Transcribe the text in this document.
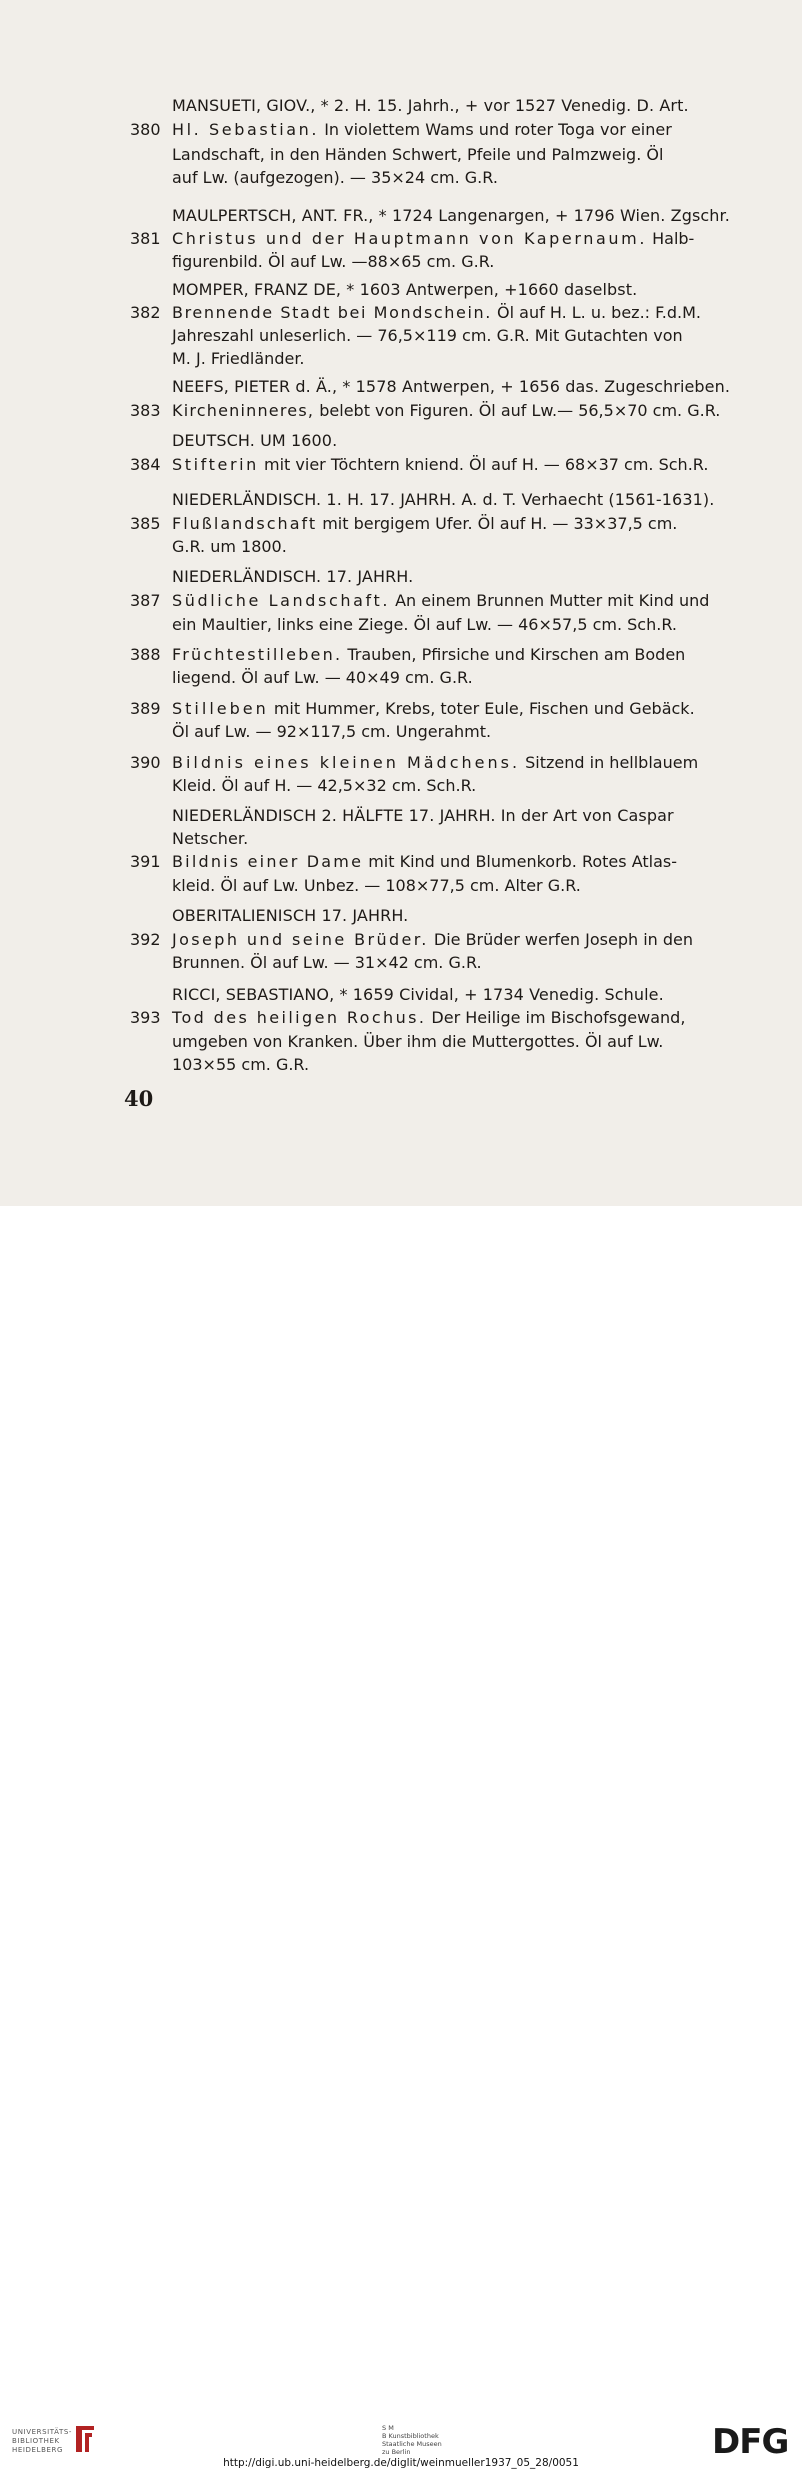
MANSUETI, GIOV., * 2. H. 15. Jahrh., + vor 1527 Venedig. D. Art.
380 Hl. Sebastian. In violettem Wams und roter Toga vor einer
Landschaft, in den Händen Schwert, Pfeile und Palmzweig. Öl
auf Lw. (aufgezogen). — 35×24 cm. G.R.
MAULPERTSCH, ANT. FR., * 1724 Langenargen, + 1796 Wien. Zgschr.
381 Christus und der Hauptmann von Kapernaum. Halb-
figurenbild. Öl auf Lw. —88×65 cm. G.R.
MOMPER, FRANZ DE, * 1603 Antwerpen, +1660 daselbst.
382 Brennende Stadt bei Mondschein. Öl auf H. L. u. bez.: F.d.M.
Jahreszahl unleserlich. — 76,5×119 cm. G.R. Mit Gutachten von
M. J. Friedländer.
NEEFS, PIETER d. Ä., * 1578 Antwerpen, + 1656 das. Zugeschrieben.
383 Kircheninneres, belebt von Figuren. Öl auf Lw.— 56,5×70 cm. G.R.
DEUTSCH. UM 1600.
384 Stifterin mit vier Töchtern kniend. Öl auf H. — 68×37 cm. Sch.R.
NIEDERLÄNDISCH. 1. H. 17. JAHRH. A. d. T. Verhaecht (1561-1631).
385 Flußlandschaft mit bergigem Ufer. Öl auf H. — 33×37,5 cm.
G.R. um 1800.
NIEDERLÄNDISCH. 17. JAHRH.
387 Südliche Landschaft. An einem Brunnen Mutter mit Kind und
ein Maultier, links eine Ziege. Öl auf Lw. — 46×57,5 cm. Sch.R.
388 Früchtestilleben. Trauben, Pfirsiche und Kirschen am Boden
liegend. Öl auf Lw. — 40×49 cm. G.R.
389 Stilleben mit Hummer, Krebs, toter Eule, Fischen und Gebäck.
Öl auf Lw. — 92×117,5 cm. Ungerahmt.
390 Bildnis eines kleinen Mädchens. Sitzend in hellblauem
Kleid. Öl auf H. — 42,5×32 cm. Sch.R.
NIEDERLÄNDISCH 2. HÄLFTE 17. JAHRH. In der Art von Caspar
Netscher.
391 Bildnis einer Dame mit Kind und Blumenkorb. Rotes Atlas-
kleid. Öl auf Lw. Unbez. — 108×77,5 cm. Alter G.R.
OBERITALIENISCH 17. JAHRH.
392 Joseph und seine Brüder. Die Brüder werfen Joseph in den
Brunnen. Öl auf Lw. — 31×42 cm. G.R.
RICCI, SEBASTIANO, * 1659 Cividal, + 1734 Venedig. Schule.
393 Tod des heiligen Rochus. Der Heilige im Bischofsgewand,
umgeben von Kranken. Über ihm die Muttergottes. Öl auf Lw.
103×55 cm. G.R.
40
UNIVERSITÄTS-
BIBLIOTHEK
HEIDELBERG
S M
B Kunstbibliothek
Staatliche Museen
zu Berlin	DFG
http://digi.ub.uni-heidelberg.de/diglit/weinmueller1937_05_28/0051
